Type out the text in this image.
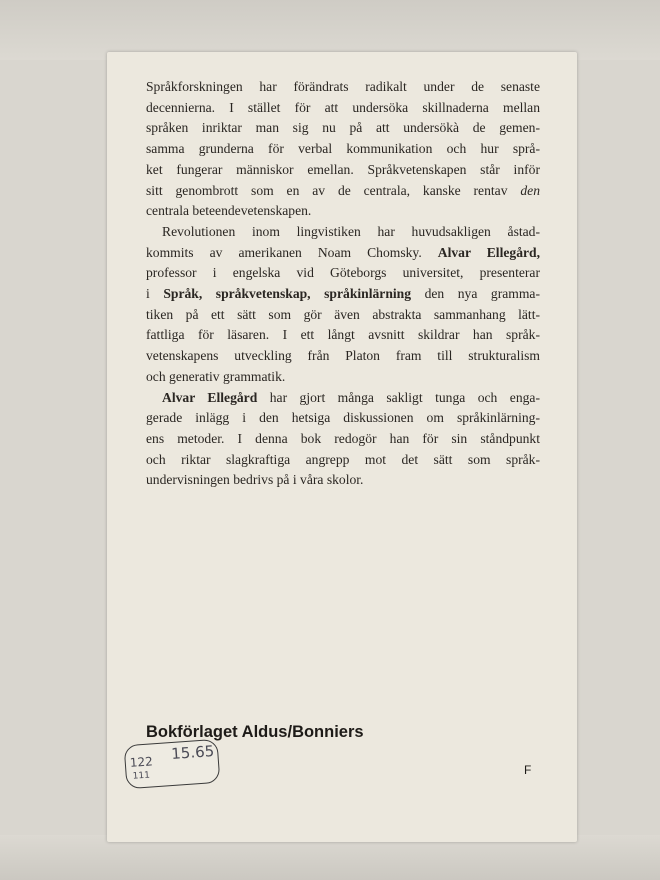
Språkforskningen har förändrats radikalt under de senaste
decennierna. I stället för att undersöka skillnaderna mellan
språken inriktar man sig nu på att undersökà de gemen-
samma grunderna för verbal kommunikation och hur språ-
ket fungerar människor emellan. Språkvetenskapen står inför
sitt genombrott som en av de centrala, kanske rentav den
centrala beteendevetenskapen.

Revolutionen inom lingvistiken har huvudsakligen åstad-
kommits av amerikanen Noam Chomsky. Alvar Ellegård,
professor i engelska vid Göteborgs universitet, presenterar
i Språk, språkvetenskap, språkinlärning den nya gramma-
tiken på ett sätt som gör även abstrakta sammanhang lätt-
fattliga för läsaren. I ett långt avsnitt skildrar han språk-
vetenskapens utveckling från Platon fram till strukturalism
och generativ grammatik.

Alvar Ellegård har gjort många sakligt tunga och enga-
gerade inlägg i den hetsiga diskussionen om språkinlärning-
ens metoder. I denna bok redogör han för sin ståndpunkt
och riktar slagkraftiga angrepp mot det sätt som språk-
undervisningen bedrivs på i våra skolor.

Bokförlaget Aldus/Bonniers
122 15.65
111	F
